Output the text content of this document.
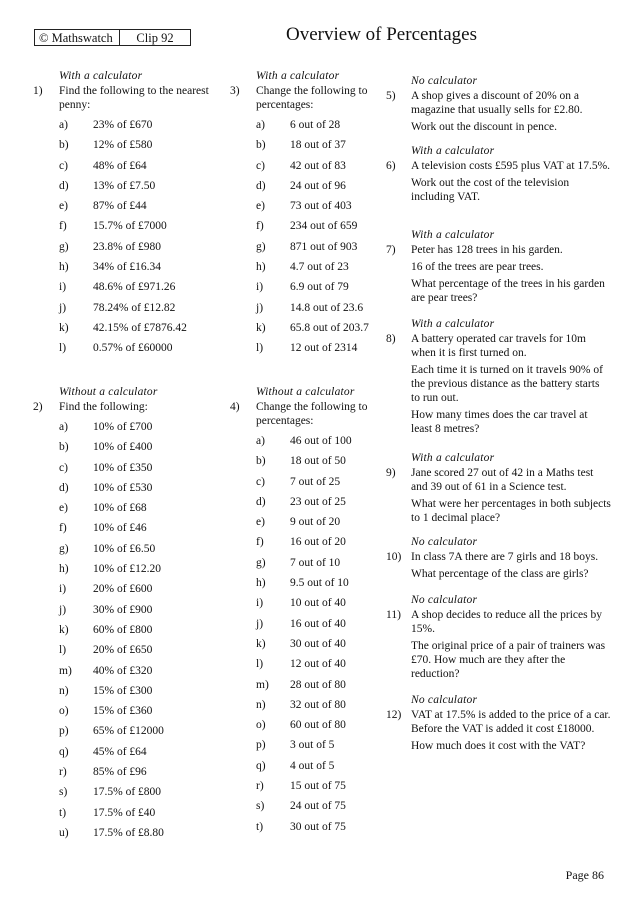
© Mathswatch	Clip 92	Overview of Percentages
With a calculator
1)	Find the following to the nearest penny:
a)	23% of £670
b)	12% of £580
c)	48% of £64
d)	13% of £7.50
e)	87% of £44
f)	15.7% of £7000
g)	23.8% of £980
h)	34% of £16.34
i)	48.6% of £971.26
j)	78.24% of £12.82
k)	42.15% of £7876.42
l)	0.57% of £60000
Without a calculator
2)	Find the following:
a)	10% of £700
b)	10% of £400
c)	10% of £350
d)	10% of £530
e)	10% of £68
f)	10% of £46
g)	10% of £6.50
h)	10% of £12.20
i)	20% of £600
j)	30% of £900
k)	60% of £800
l)	20% of £650
m)	40% of £320
n)	15% of £300
o)	15% of £360
p)	65% of £12000
q)	45% of £64
r)	85% of £96
s)	17.5% of £800
t)	17.5% of £40
u)	17.5% of £8.80
With a calculator
3)	Change the following to percentages:
a)	6 out of 28
b)	18 out of 37
c)	42 out of 83
d)	24 out of 96
e)	73 out of 403
f)	234 out of 659
g)	871 out of 903
h)	4.7 out of 23
i)	6.9 out of 79
j)	14.8 out of 23.6
k)	65.8 out of 203.7
l)	12 out of 2314
Without a calculator
4)	Change the following to percentages:
a)	46 out of 100
b)	18 out of 50
c)	7 out of 25
d)	23 out of 25
e)	9 out of 20
f)	16 out of 20
g)	7 out of 10
h)	9.5 out of 10
i)	10 out of 40
j)	16 out of 40
k)	30 out of 40
l)	12 out of 40
m)	28 out of 80
n)	32 out of 80
o)	60 out of 80
p)	3 out of 5
q)	4 out of 5
r)	15 out of 75
s)	24 out of 75
t)	30 out of 75
No calculator
5)	A shop gives a discount of 20% on a magazine that usually sells for £2.80.
Work out the discount in pence.
With a calculator
6)	A television costs £595 plus VAT at 17.5%.
Work out the cost of the television including VAT.
With a calculator
7)	Peter has 128 trees in his garden.
16 of the trees are pear trees.
What percentage of the trees in his garden are pear trees?
With a calculator
8)	A battery operated car travels for 10m when it is first turned on.
Each time it is turned on it travels 90% of the previous distance as the battery starts to run out.
How many times does the car travel at least 8 metres?
With a calculator
9)	Jane scored 27 out of 42 in a Maths test and 39 out of 61 in a Science test.
What were her percentages in both subjects to 1 decimal place?
No calculator
10) In class 7A there are 7 girls and 18 boys.
What percentage of the class are girls?
No calculator
11) A shop decides to reduce all the prices by 15%.
The original price of a pair of trainers was £70. How much are they after the reduction?
No calculator
12) VAT at 17.5% is added to the price of a car. Before the VAT is added it cost £18000.
How much does it cost with the VAT?
Page 86
